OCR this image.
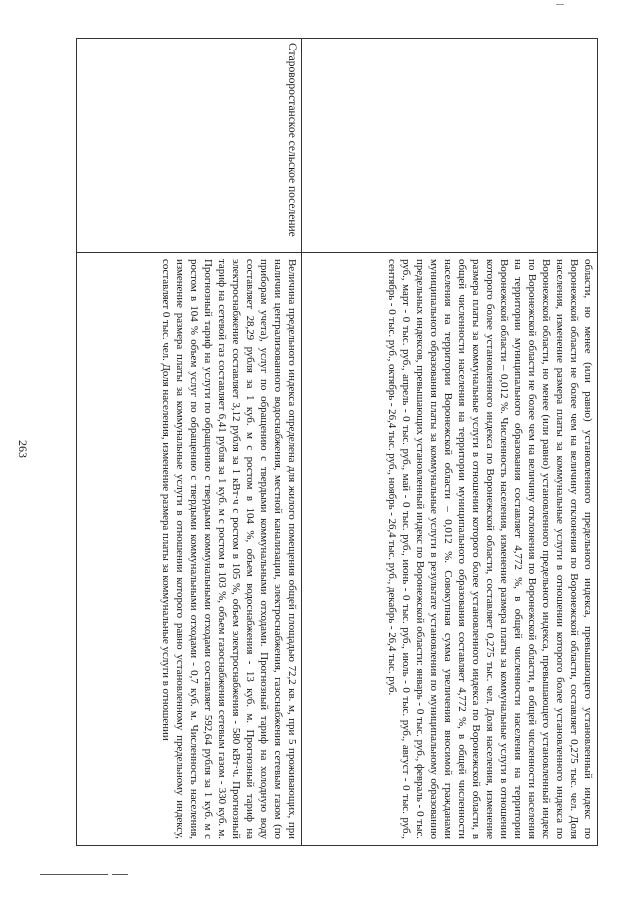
263	области, но менее (или равно) установленного предельного индекса, превышающего установленный индекс по Воронежской области не более чем на величину отклонения по Воронежской области, составляет 0,275 тыс. чел. Доля населения, изменение размера платы за коммунальные услуги в отношении которого более установленного индекса по Воронежской области, но менее (или равно) установленного предельного индекса, превышающего установленный индекс по Воронежской области не более чем на величину отклонения по Воронежской области, в общей численности населения на территории муниципального образования составляет 4,772 %, в общей численности населения на территории Воронежской области – 0,012 %. Численность населения, изменение размера платы за коммунальные услуги в отношении которого более установленного индекса по Воронежской области, составляет 0,275 тыс. чел. Доля населения, изменение размера платы за коммунальные услуги в отношении которого более установленного индекса по Воронежской области, в общей численности населения на территории муниципального образования составляет 4,772 %, в общей численности населения на территории Воронежской области – 0,012 %. Совокупная сумма увеличения вносимой гражданами муниципального образования платы за коммунальные услуги в результате установления по муниципальному образованию предельных индексов, превышающих установленный индекс по Воронежской области: январь - 0 тыс. руб., февраль - 0 тыс. руб., март - 0 тыс. руб., апрель - 0 тыс. руб., май - 0 тыс. руб., июнь - 0 тыс. руб., июль - 0 тыс. руб., август - 0 тыс. руб., сентябрь - 0 тыс. руб., октябрь - 26,4 тыс. руб., ноябрь - 26,4 тыс. руб., декабрь - 26,4 тыс. руб.
Староворостанское сельское поселение
Величина предельного индекса определена для жилого помещения общей площадью 72,2 кв. м, при 5 проживающих, при наличии централизованного водоснабжения, местной канализации, электроснабжения, газоснабжения сетевым газом (по приборам учета), услуг по обращению с твердыми коммунальными отходами. Прогнозный тариф на холодную воду составляет 28,29 рубля за 1 куб. м с ростом в 104 %, объем водоснабжения - 13 куб. м. Прогнозный тариф на электроснабжение составляет 3,12 рубля за 1 кВт·ч с ростом в 105 %, объем электроснабжения - 580 кВт·ч. Прогнозный тариф на сетевой газ составляет 6,41 рубля за 1 куб. м с ростом в 103 %, объем газоснабжения сетевым газом - 330 куб. м. Прогнозный тариф на услуги по обращению с твердыми коммунальными отходами составляет 592,64 рубля за 1 куб. м с ростом в 104 % объем услуг по обращению с твердыми коммунальными отходами - 0,7 куб. м. Численность населения, изменение размера платы за коммунальные услуги в отношении которого равно установленному предельному индексу, составляет 0 тыс. чел. Доля населения, изменение размера платы за коммунальные услуги в отношении
